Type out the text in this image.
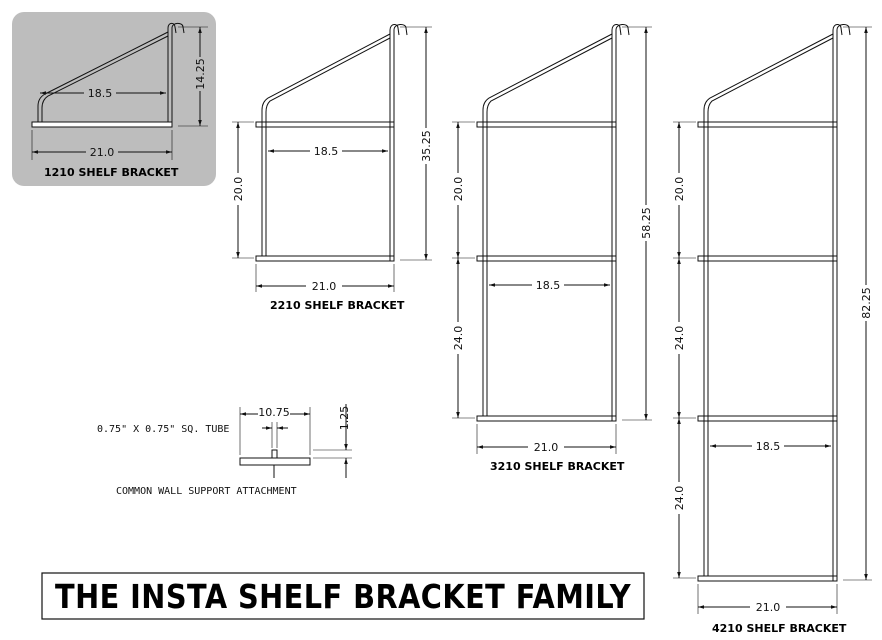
18.5
21.0
14.25
1210 SHELF BRACKET
18.5
20.0
35.25
21.0
2210 SHELF BRACKET
18.5
20.0
24.0
58.25
21.0
3210 SHELF BRACKET
18.5
20.0
24.0
24.0
82.25
21.0
4210 SHELF BRACKET
10.75
0.75" X 0.75" SQ. TUBE	1.25
COMMON WALL SUPPORT ATTACHMENT
THE INSTA SHELF BRACKET FAMILY
